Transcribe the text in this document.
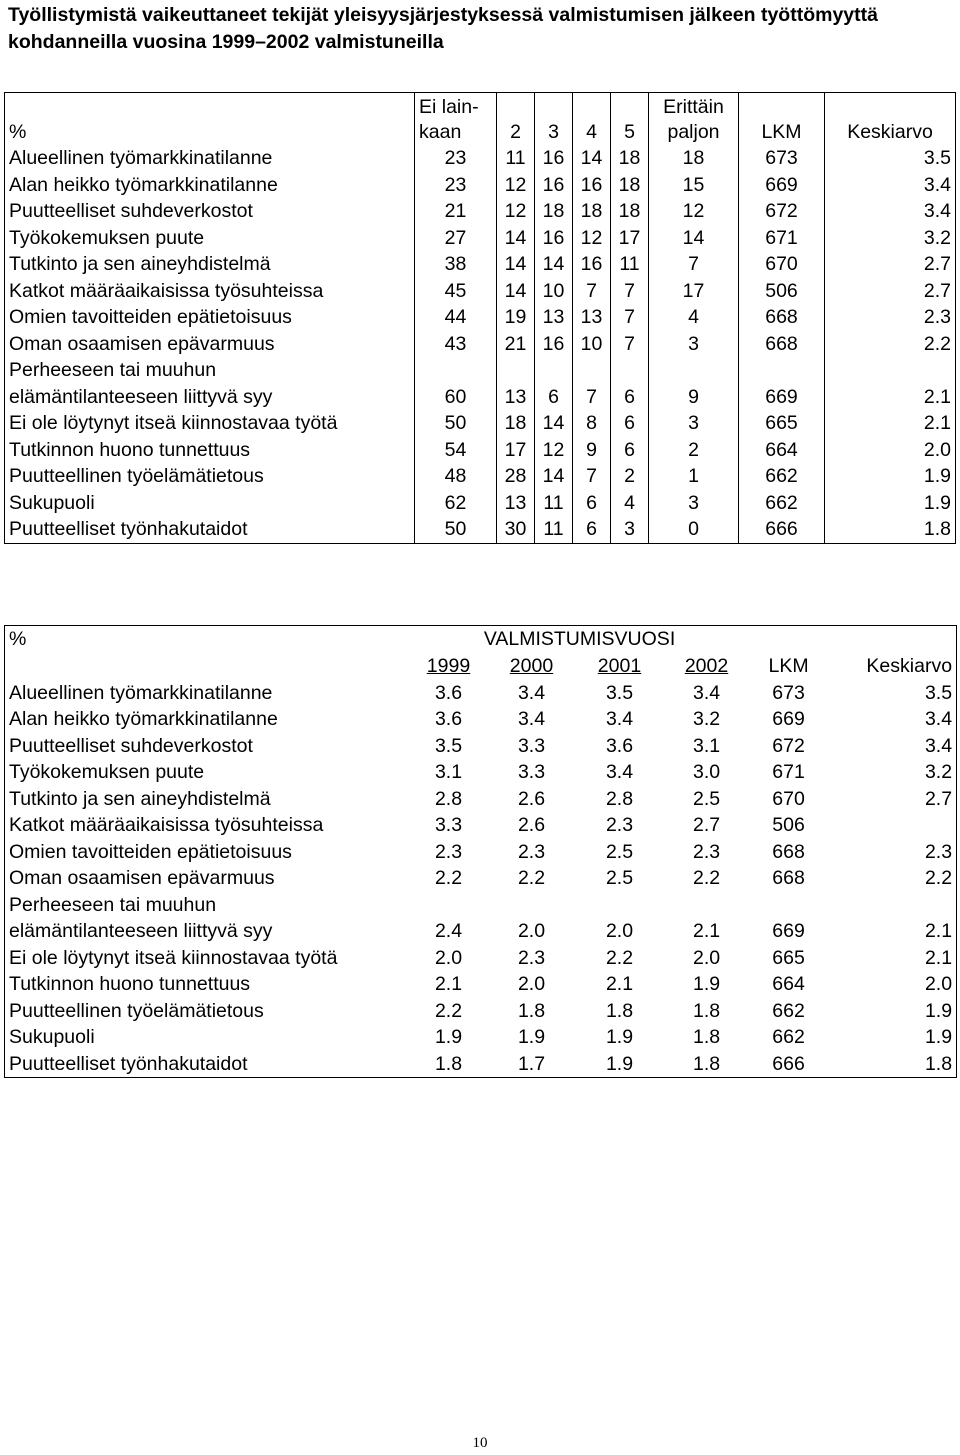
Työllistymistä vaikeuttaneet tekijät yleisyysjärjestyksessä valmistumisen jälkeen työttömyyttä kohdanneilla vuosina 1999–2002 valmistuneilla
%	Ei lain-
kaan	2	3	4	5	Erittäin
paljon	LKM	Keskiarvo
Alueellinen työmarkkinatilanne	23	11	16	14	18	18	673	3.5
Alan heikko työmarkkinatilanne	23	12	16	16	18	15	669	3.4
Puutteelliset suhdeverkostot	21	12	18	18	18	12	672	3.4
Työkokemuksen puute	27	14	16	12	17	14	671	3.2
Tutkinto ja sen aineyhdistelmä	38	14	14	16	11	7	670	2.7
Katkot määräaikaisissa työsuhteissa	45	14	10	7	7	17	506	2.7
Omien tavoitteiden epätietoisuus	44	19	13	13	7	4	668	2.3
Oman osaamisen epävarmuus	43	21	16	10	7	3	668	2.2
Perheeseen tai muuhun
elämäntilanteeseen liittyvä syy	60	13	6	7	6	9	669	2.1
Ei ole löytynyt itseä kiinnostavaa työtä	50	18	14	8	6	3	665	2.1
Tutkinnon huono tunnettuus	54	17	12	9	6	2	664	2.0
Puutteellinen työelämätietous	48	28	14	7	2	1	662	1.9
Sukupuoli	62	13	11	6	4	3	662	1.9
Puutteelliset työnhakutaidot	50	30	11	6	3	0	666	1.8
%	VALMISTUMISVUOSI					
	1999	2000	2001	2002	LKM	Keskiarvo
Alueellinen työmarkkinatilanne	3.6	3.4	3.5	3.4	673	3.5
Alan heikko työmarkkinatilanne	3.6	3.4	3.4	3.2	669	3.4
Puutteelliset suhdeverkostot	3.5	3.3	3.6	3.1	672	3.4
Työkokemuksen puute	3.1	3.3	3.4	3.0	671	3.2
Tutkinto ja sen aineyhdistelmä	2.8	2.6	2.8	2.5	670	2.7
Katkot määräaikaisissa työsuhteissa	3.3	2.6	2.3	2.7	506	
Omien tavoitteiden epätietoisuus	2.3	2.3	2.5	2.3	668	2.3
Oman osaamisen epävarmuus	2.2	2.2	2.5	2.2	668	2.2
Perheeseen tai muuhun
elämäntilanteeseen liittyvä syy	2.4	2.0	2.0	2.1	669	2.1
Ei ole löytynyt itseä kiinnostavaa työtä	2.0	2.3	2.2	2.0	665	2.1
Tutkinnon huono tunnettuus	2.1	2.0	2.1	1.9	664	2.0
Puutteellinen työelämätietous	2.2	1.8	1.8	1.8	662	1.9
Sukupuoli	1.9	1.9	1.9	1.8	662	1.9
Puutteelliset työnhakutaidot	1.8	1.7	1.9	1.8	666	1.8
10
